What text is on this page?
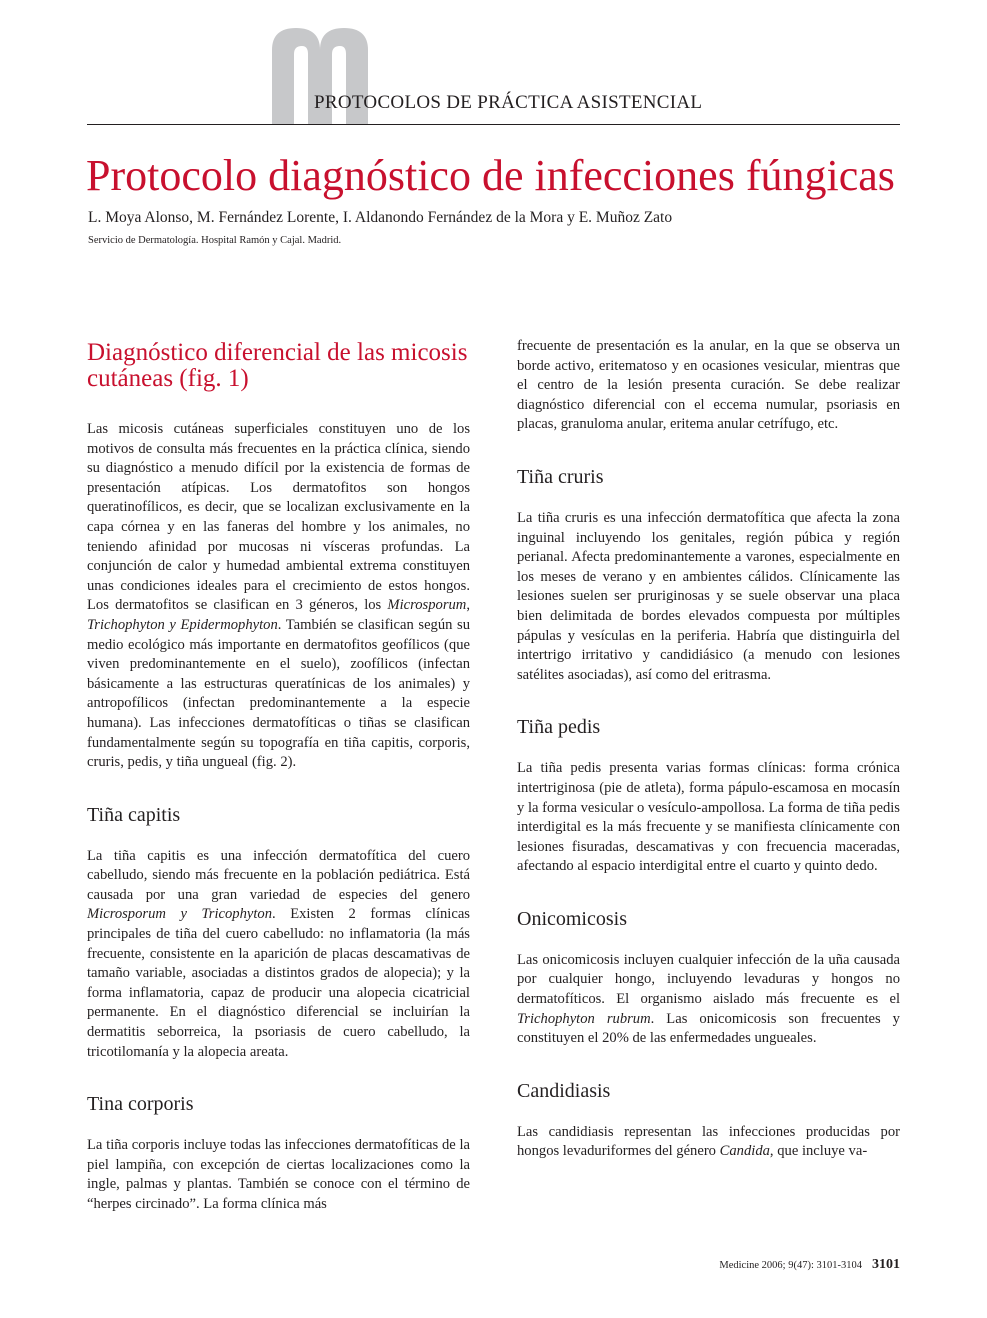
PROTOCOLOS DE PRÁCTICA ASISTENCIAL
Protocolo diagnóstico de infecciones fúngicas
L. Moya Alonso, M. Fernández Lorente, I. Aldanondo Fernández de la Mora y E. Muñoz Zato
Servicio de Dermatología. Hospital Ramón y Cajal. Madrid.
Diagnóstico diferencial de las micosis cutáneas (fig. 1)

Las micosis cutáneas superficiales constituyen uno de los motivos de consulta más frecuentes en la práctica clínica, siendo su diagnóstico a menudo difícil por la existencia de formas de presentación atípicas. Los dermatofitos son hongos queratinofílicos, es decir, que se localizan exclusivamente en la capa córnea y en las faneras del hombre y los animales, no teniendo afinidad por mucosas ni vísceras profundas. La conjunción de calor y humedad ambiental extrema constituyen unas condiciones ideales para el crecimiento de estos hongos. Los dermatofitos se clasifican en 3 géneros, los Microsporum, Trichophyton y Epidermophyton. También se clasifican según su medio ecológico más importante en dermatofitos geofílicos (que viven predominantemente en el suelo), zoofílicos (infectan básicamente a las estructuras queratínicas de los animales) y antropofílicos (infectan predominantemente a la especie humana). Las infecciones dermatofíticas o tiñas se clasifican fundamentalmente según su topografía en tiña capitis, corporis, cruris, pedis, y tiña ungueal (fig. 2).

Tiña capitis

La tiña capitis es una infección dermatofítica del cuero cabelludo, siendo más frecuente en la población pediátrica. Está causada por una gran variedad de especies del genero Microsporum y Tricophyton. Existen 2 formas clínicas principales de tiña del cuero cabelludo: no inflamatoria (la más frecuente, consistente en la aparición de placas descamativas de tamaño variable, asociadas a distintos grados de alopecia); y la forma inflamatoria, capaz de producir una alopecia cicatricial permanente. En el diagnóstico diferencial se incluirían la dermatitis seborreica, la psoriasis de cuero cabelludo, la tricotilomanía y la alopecia areata.

Tina corporis

La tiña corporis incluye todas las infecciones dermatofíticas de la piel lampiña, con excepción de ciertas localizaciones como la ingle, palmas y plantas. También se conoce con el término de “herpes circinado”. La forma clínica más

frecuente de presentación es la anular, en la que se observa un borde activo, eritematoso y en ocasiones vesicular, mientras que el centro de la lesión presenta curación. Se debe realizar diagnóstico diferencial con el eccema numular, psoriasis en placas, granuloma anular, eritema anular cetrífugo, etc.

Tiña cruris

La tiña cruris es una infección dermatofítica que afecta la zona inguinal incluyendo los genitales, región púbica y región perianal. Afecta predominantemente a varones, especialmente en los meses de verano y en ambientes cálidos. Clínicamente las lesiones suelen ser pruriginosas y se suele observar una placa bien delimitada de bordes elevados compuesta por múltiples pápulas y vesículas en la periferia. Habría que distinguirla del intertrigo irritativo y candidiásico (a menudo con lesiones satélites asociadas), así como del eritrasma.

Tiña pedis

La tiña pedis presenta varias formas clínicas: forma crónica intertriginosa (pie de atleta), forma pápulo-escamosa en mocasín y la forma vesicular o vesículo-ampollosa. La forma de tiña pedis interdigital es la más frecuente y se manifiesta clínicamente con lesiones fisuradas, descamativas y con frecuencia maceradas, afectando al espacio interdigital entre el cuarto y quinto dedo.

Onicomicosis

Las onicomicosis incluyen cualquier infección de la uña causada por cualquier hongo, incluyendo levaduras y hongos no dermatofíticos. El organismo aislado más frecuente es el Trichophyton rubrum. Las onicomicosis son frecuentes y constituyen el 20% de las enfermedades ungueales.

Candidiasis

Las candidiasis representan las infecciones producidas por hongos levaduriformes del género Candida, que incluye va-

Medicine 2006; 9(47): 3101-3104 3101
